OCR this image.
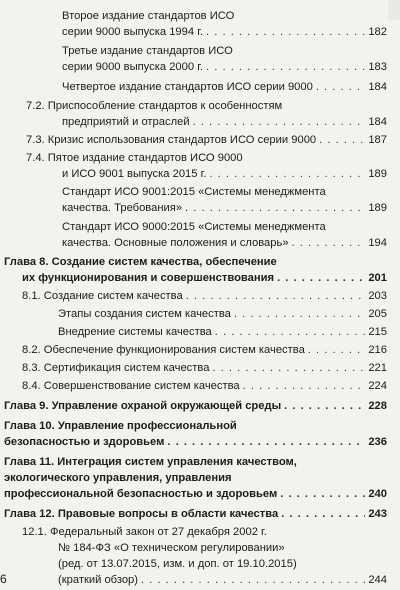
Второе издание стандартов ИСО
серии 9000 выпуска 1994 г. . . .	182
Третье издание стандартов ИСО
серии 9000 выпуска 2000 г. . . .	183
Четвертое издание стандартов ИСО серии 9000 . . .	184
7.2. Приспособление стандартов к особенностям
предприятий и отраслей . . .	184
7.3. Кризис использования стандартов ИСО серии 9000 . . .	187
7.4. Пятое издание стандартов ИСО 9000
и ИСО 9001 выпуска 2015 г. . . .	189
Стандарт ИСО 9001:2015 «Системы менеджмента
качества. Требования» . . .	189
Стандарт ИСО 9000:2015 «Системы менеджмента
качества. Основные положения и словарь» . . .	194
Глава 8. Создание систем качества, обеспечение
их функционирования и совершенствования . . .	201
8.1. Создание систем качества . . .	203
Этапы создания систем качества . . .	205
Внедрение системы качества . . .	215
8.2. Обеспечение функционирования систем качества . . .	216
8.3. Сертификация систем качества . . .	221
8.4. Совершенствование систем качества . . .	224
Глава 9. Управление охраной окружающей среды . . .	228
Глава 10. Управление профессиональной
безопасностью и здоровьем . . .	236
Глава 11. Интеграция систем управления качеством,
экологического управления, управления
профессиональной безопасностью и здоровьем . . .	240
Глава 12. Правовые вопросы в области качества . . .	243
12.1. Федеральный закон от 27 декабря 2002 г.
№ 184-ФЗ «О техническом регулировании»
(ред. от 13.07.2015, изм. и доп. от 19.10.2015)
(краткий обзор) . . .	244
6
